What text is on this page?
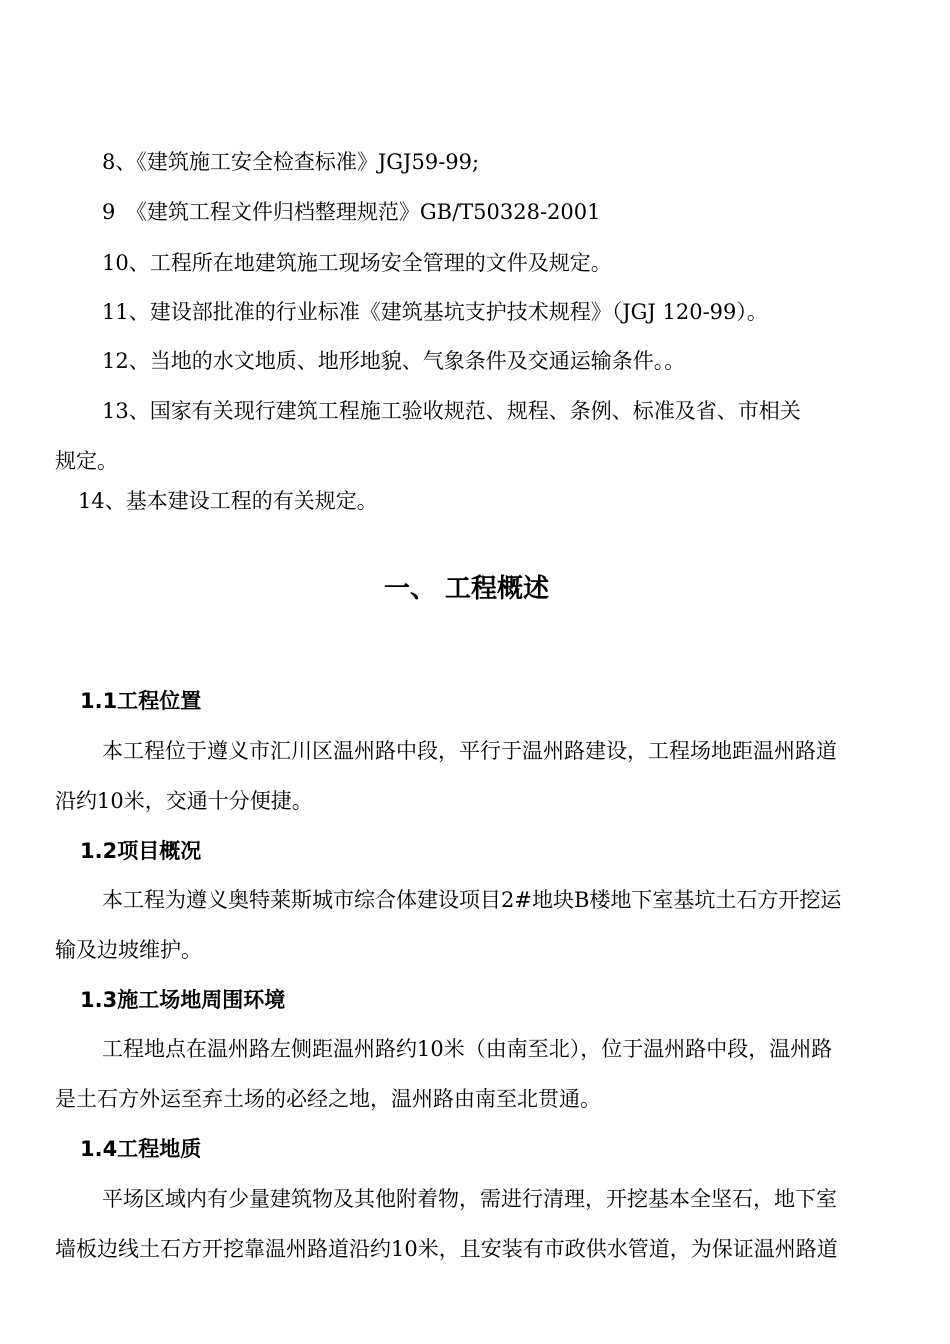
8、《建筑施工安全检查标准》JGJ59-99;
9　《建筑工程文件归档整理规范》GB/T50328-2001
10、工程所在地建筑施工现场安全管理的文件及规定。
11、建设部批准的行业标准《建筑基坑支护技术规程》（JGJ 120-99）。
12、当地的水文地质、地形地貌、气象条件及交通运输条件。。
13、国家有关现行建筑工程施工验收规范、规程、条例、标准及省、市相关
规定。
14、基本建设工程的有关规定。
一、 工程概述
1.1工程位置
本工程位于遵义市汇川区温州路中段，平行于温州路建设，工程场地距温州路道
沿约10米，交通十分便捷。
1.2项目概况
本工程为遵义奥特莱斯城市综合体建设项目2#地块B楼地下室基坑土石方开挖运
输及边坡维护。
1.3施工场地周围环境
工程地点在温州路左侧距温州路约10米（由南至北），位于温州路中段，温州路
是土石方外运至弃土场的必经之地，温州路由南至北贯通。
1.4工程地质
平场区域内有少量建筑物及其他附着物，需进行清理，开挖基本全坚石，地下室
墙板边线土石方开挖靠温州路道沿约10米，且安装有市政供水管道，为保证温州路道
